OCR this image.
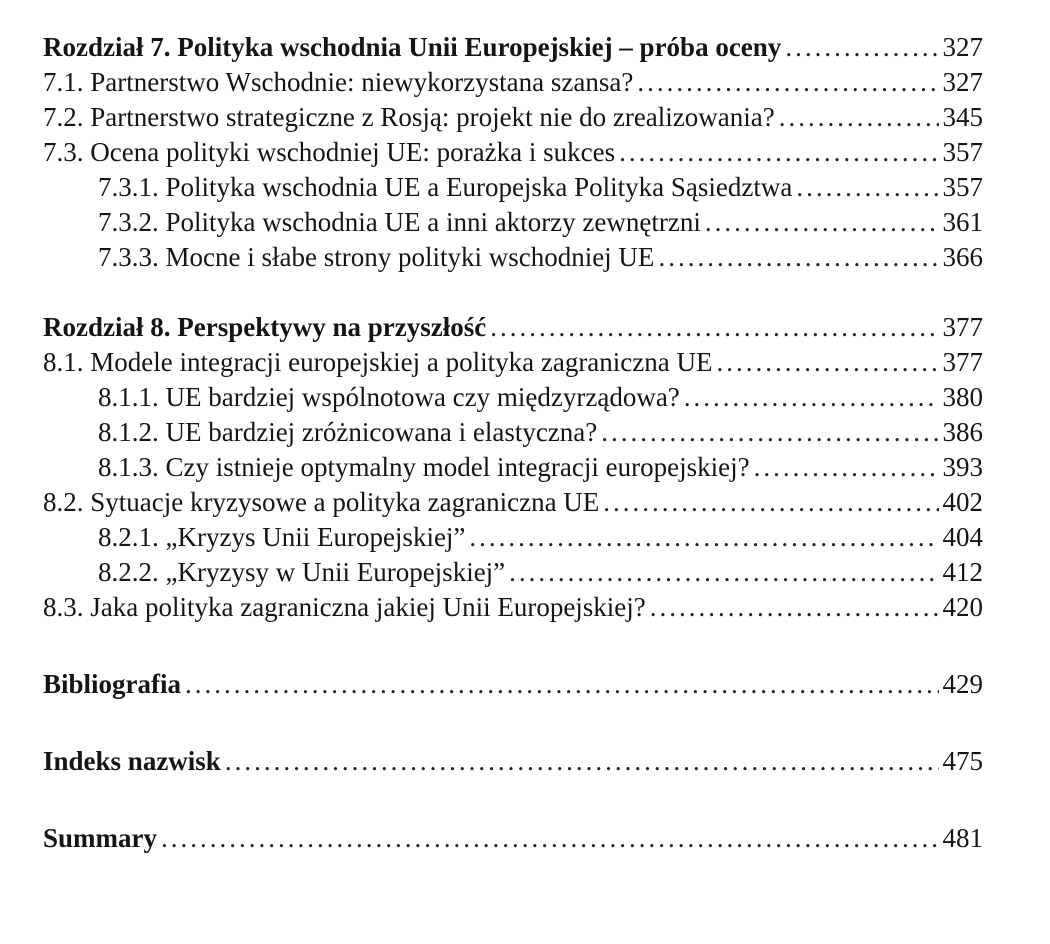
Rozdział 7. Polityka wschodnia Unii Europejskiej – próba oceny .....	327
7.1. Partnerstwo Wschodnie: niewykorzystana szansa? .....	327
7.2. Partnerstwo strategiczne z Rosją: projekt nie do zrealizowania? .....	345
7.3. Ocena polityki wschodniej UE: porażka i sukces .....	357
7.3.1. Polityka wschodnia UE a Europejska Polityka Sąsiedztwa .....	357
7.3.2. Polityka wschodnia UE a inni aktorzy zewnętrzni .....	361
7.3.3. Mocne i słabe strony polityki wschodniej UE .....	366
Rozdział 8. Perspektywy na przyszłość .....	377
8.1. Modele integracji europejskiej a polityka zagraniczna UE .....	377
8.1.1. UE bardziej wspólnotowa czy międzyrządowa? .....	380
8.1.2. UE bardziej zróżnicowana i elastyczna? .....	386
8.1.3. Czy istnieje optymalny model integracji europejskiej? .....	393
8.2. Sytuacje kryzysowe a polityka zagraniczna UE .....	402
8.2.1. „Kryzys Unii Europejskiej” .....	404
8.2.2. „Kryzysy w Unii Europejskiej” .....	412
8.3. Jaka polityka zagraniczna jakiej Unii Europejskiej? .....	420
Bibliografia .....	429
Indeks nazwisk .....	475
Summary .....	481
